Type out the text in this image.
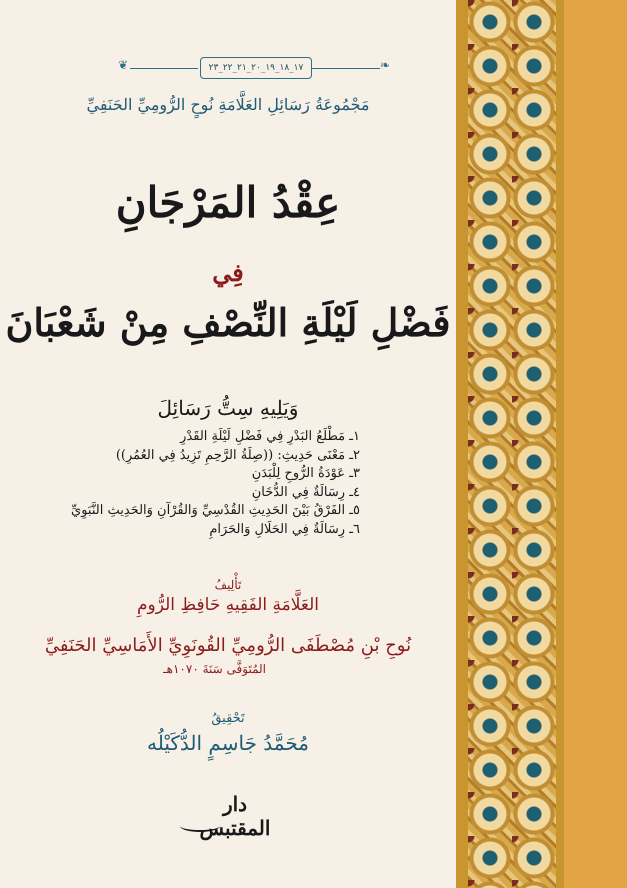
❦	❧
١٧_١٨_١٩_٢٠_٢١_٢٢_٢٣
مَجْمُوعَةُ رَسَائِلِ العَلَّامَةِ نُوحٍ الرُّومِيِّ الحَنَفِيِّ
عِقْدُ المَرْجَانِ
فِي
فَضْلِ لَيْلَةِ النِّصْفِ مِنْ شَعْبَانَ
وَيَلِيهِ سِتُّ رَسَائِلَ
١ـ مَطْلَعُ البَدْرِ فِي فَضْلِ لَيْلَةِ القَدْرِ
٢ـ مَعْنَى حَدِيثِ: ((صِلَةُ الرَّحِمِ تَزِيدُ فِي العُمُرِ))
٣ـ عَوْدَةُ الرُّوحِ لِلْبَدَنِ
٤ـ رِسَالَةٌ فِي الدُّخَانِ
٥ـ الفَرْقُ بَيْنَ الحَدِيثِ القُدْسِيِّ وَالقُرْآنِ وَالحَدِيثِ النَّبَوِيِّ
٦ـ رِسَالَةٌ فِي الحَلَالِ وَالحَرَامِ
تَأْلِيفُ
العَلَّامَةِ الفَقِيهِ حَافِظِ الرُّومِ
نُوحِ بْنِ مُصْطَفَى الرُّومِيِّ القُونَوِيِّ الأَمَاسِيِّ الحَنَفِيِّ
المُتَوَفَّى سَنَةَ ١٠٧٠هـ
تَحْقِيقُ
مُحَمَّدُ جَاسِمٍ الدُّكَيْلُه
دار المقتبس
